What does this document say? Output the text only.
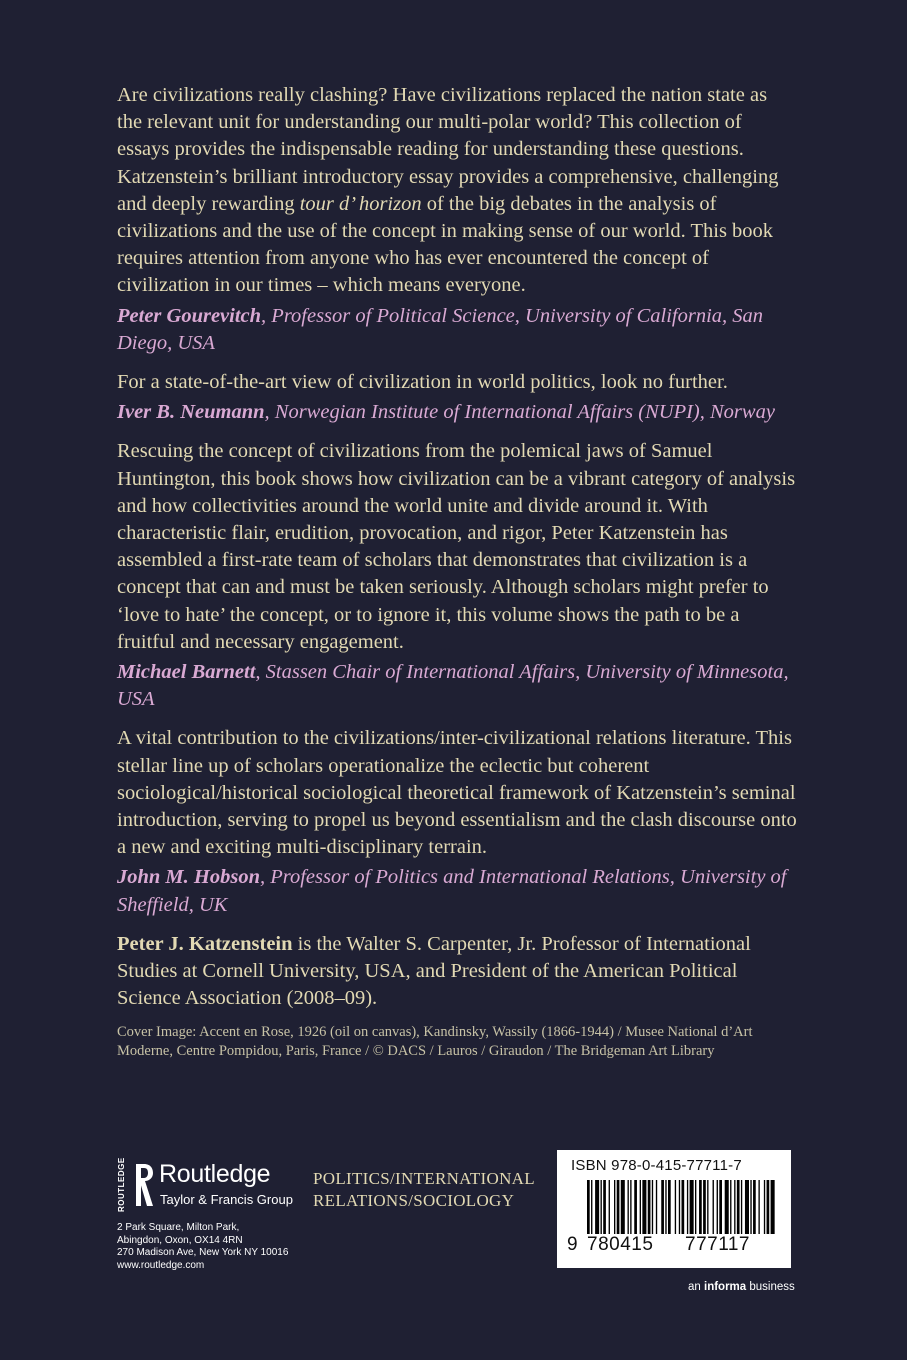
Are civilizations really clashing? Have civilizations replaced the nation state as the relevant unit for understanding our multi-polar world? This collection of essays provides the indispensable reading for understanding these questions. Katzenstein’s brilliant introductory essay provides a comprehensive, challenging and deeply rewarding tour d’ horizon of the big debates in the analysis of civilizations and the use of the concept in making sense of our world. This book requires attention from anyone who has ever encountered the concept of civilization in our times – which means everyone.

Peter Gourevitch, Professor of Political Science, University of California, San Diego, USA

For a state-of-the-art view of civilization in world politics, look no further.

Iver B. Neumann, Norwegian Institute of International Affairs (NUPI), Norway

Rescuing the concept of civilizations from the polemical jaws of Samuel Huntington, this book shows how civilization can be a vibrant category of analysis and how collectivities around the world unite and divide around it. With characteristic flair, erudition, provocation, and rigor, Peter Katzenstein has assembled a first-rate team of scholars that demonstrates that civilization is a concept that can and must be taken seriously. Although scholars might prefer to ‘love to hate’ the concept, or to ignore it, this volume shows the path to be a fruitful and necessary engagement.

Michael Barnett, Stassen Chair of International Affairs, University of Minnesota, USA

A vital contribution to the civilizations/inter-civilizational relations literature. This stellar line up of scholars operationalize the eclectic but coherent sociological/historical sociological theoretical framework of Katzenstein’s seminal introduction, serving to propel us beyond essentialism and the clash discourse onto a new and exciting multi-disciplinary terrain.

John M. Hobson, Professor of Politics and International Relations, University of Sheffield, UK

Peter J. Katzenstein is the Walter S. Carpenter, Jr. Professor of International Studies at Cornell University, USA, and President of the American Political Science Association (2008–09).

Cover Image: Accent en Rose, 1926 (oil on canvas), Kandinsky, Wassily (1866-1944) / Musee National d’Art Moderne, Centre Pompidou, Paris, France / © DACS / Lauros / Giraudon / The Bridgeman Art Library

ROUTLEDGE Routledge
Taylor & Francis Group
2 Park Square, Milton Park,
Abingdon, Oxon, OX14 4RN
270 Madison Ave, New York NY 10016
www.routledge.com
POLITICS/INTERNATIONAL
RELATIONS/SOCIOLOGY
ISBN 978-0-415-77711-7
9 780415 777117
an informa business
